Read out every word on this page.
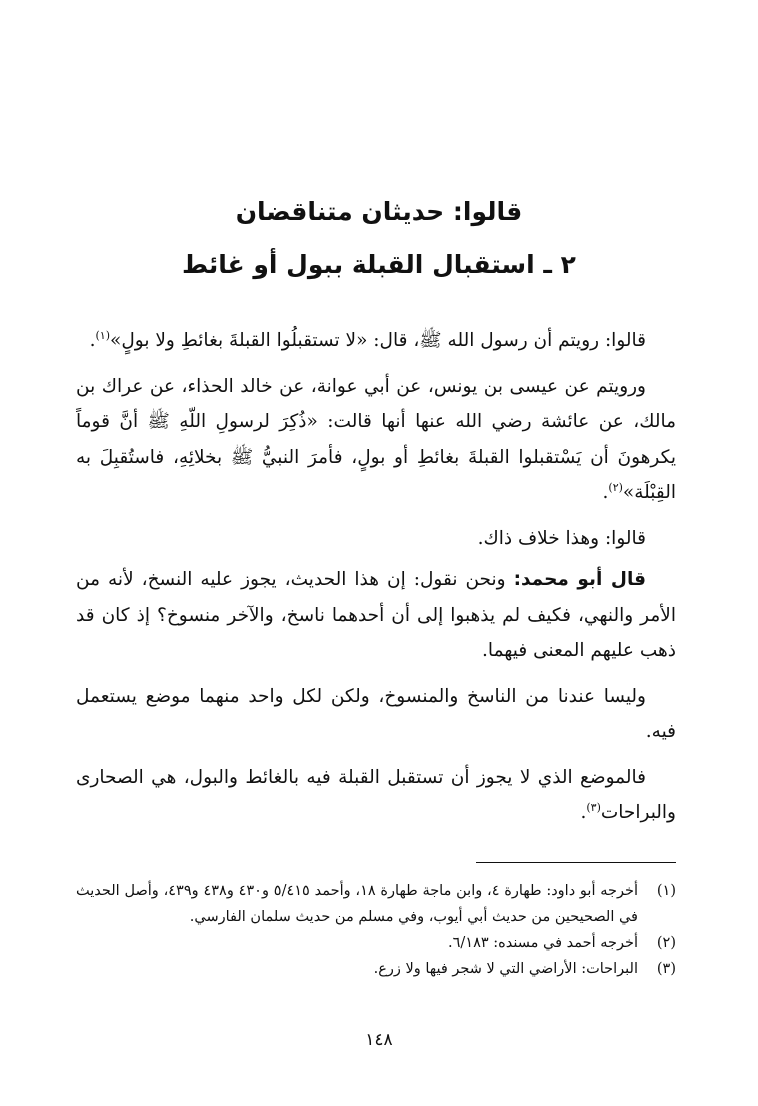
قالوا: حديثان متناقضان
٢ ـ استقبال القبلة ببول أو غائط

قالوا: رويتم أن رسول الله ﷺ، قال: «لا تستقبلُوا القبلةَ بغائطِ ولا بولٍ»$^{(١)}$.

ورويتم عن عيسى بن يونس، عن أبي عوانة، عن خالد الحذاء، عن عراك بن مالك، عن عائشة رضي الله عنها أنها قالت: «ذُكِرَ لرسولِ اللّهِ ﷺ أنَّ قوماً يكرهونَ أن يَسْتقبلوا القبلةَ بغائطِ أو بولٍ، فأمرَ النبيُّ ﷺ بخلائِهِ، فاستُقبِلَ به القِبْلَة»$^{(٢)}$.

قالوا: وهذا خلاف ذاك.

قال أبو محمد: ونحن نقول: إن هذا الحديث، يجوز عليه النسخ، لأنه من الأمر والنهي، فكيف لم يذهبوا إلى أن أحدهما ناسخ، والآخر منسوخ؟ إذ كان قد ذهب عليهم المعنى فيهما.

وليسا عندنا من الناسخ والمنسوخ، ولكن لكل واحد منهما موضع يستعمل فيه.

فالموضع الذي لا يجوز أن تستقبل القبلة فيه بالغائط والبول، هي الصحارى والبراحات$^{(٣)}$.

(١)
أخرجه أبو داود: طهارة ٤، وابن ماجة طهارة ١٨، وأحمد ٥/٤١٥ و٤٣٠ و٤٣٨ و٤٣٩، وأصل الحديث في الصحيحين من حديث أبي أيوب، وفي مسلم من حديث سلمان الفارسي.
(٢)
أخرجه أحمد في مسنده: ٦/١٨٣.
(٣)
البراحات: الأراضي التي لا شجر فيها ولا زرع.
١٤٨
